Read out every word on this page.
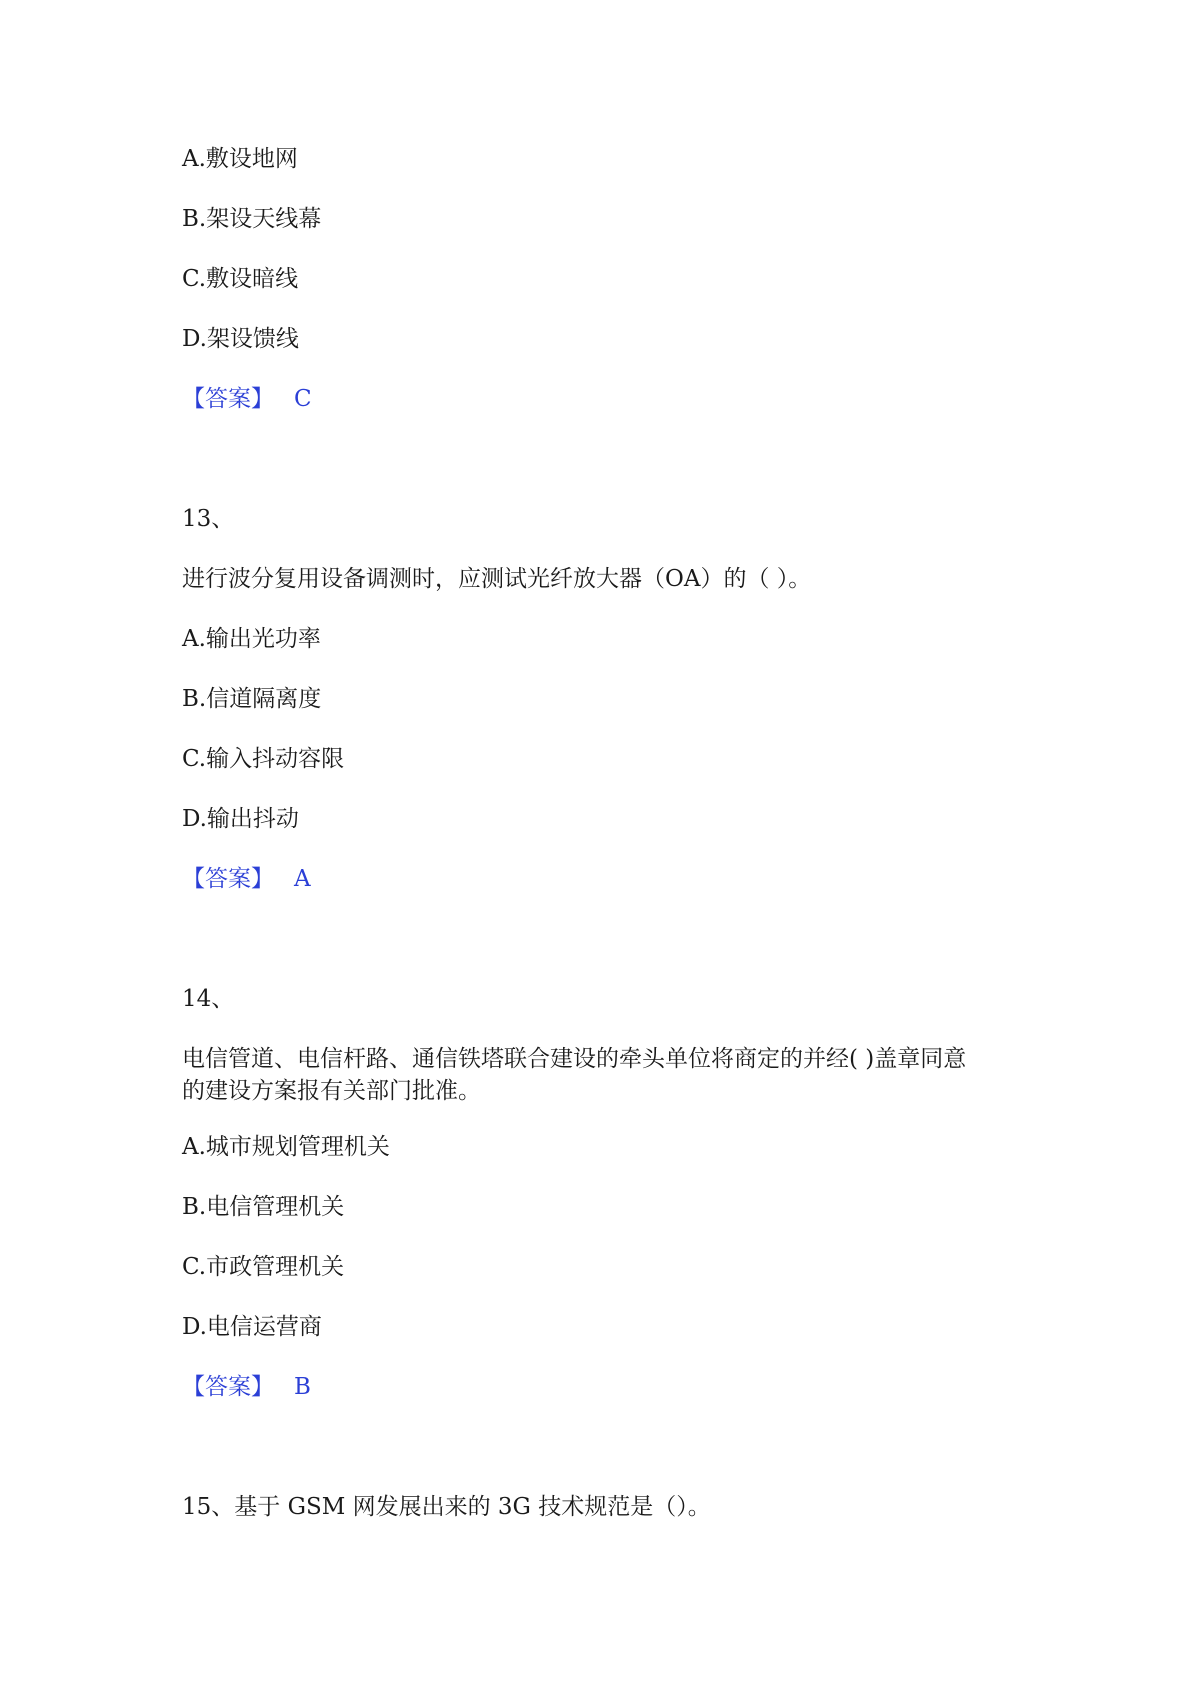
A.敷设地网
B.架设天线幕
C.敷设暗线
D.架设馈线
【答案】 C
13、
进行波分复用设备调测时，应测试光纤放大器（OA）的（ ）。
A.输出光功率
B.信道隔离度
C.输入抖动容限
D.输出抖动
【答案】 A
14、
电信管道、电信杆路、通信铁塔联合建设的牵头单位将商定的并经( )盖章同意
的建设方案报有关部门批准。
A.城市规划管理机关
B.电信管理机关
C.市政管理机关
D.电信运营商
【答案】 B
15、基于 GSM 网发展出来的 3G 技术规范是（）。
